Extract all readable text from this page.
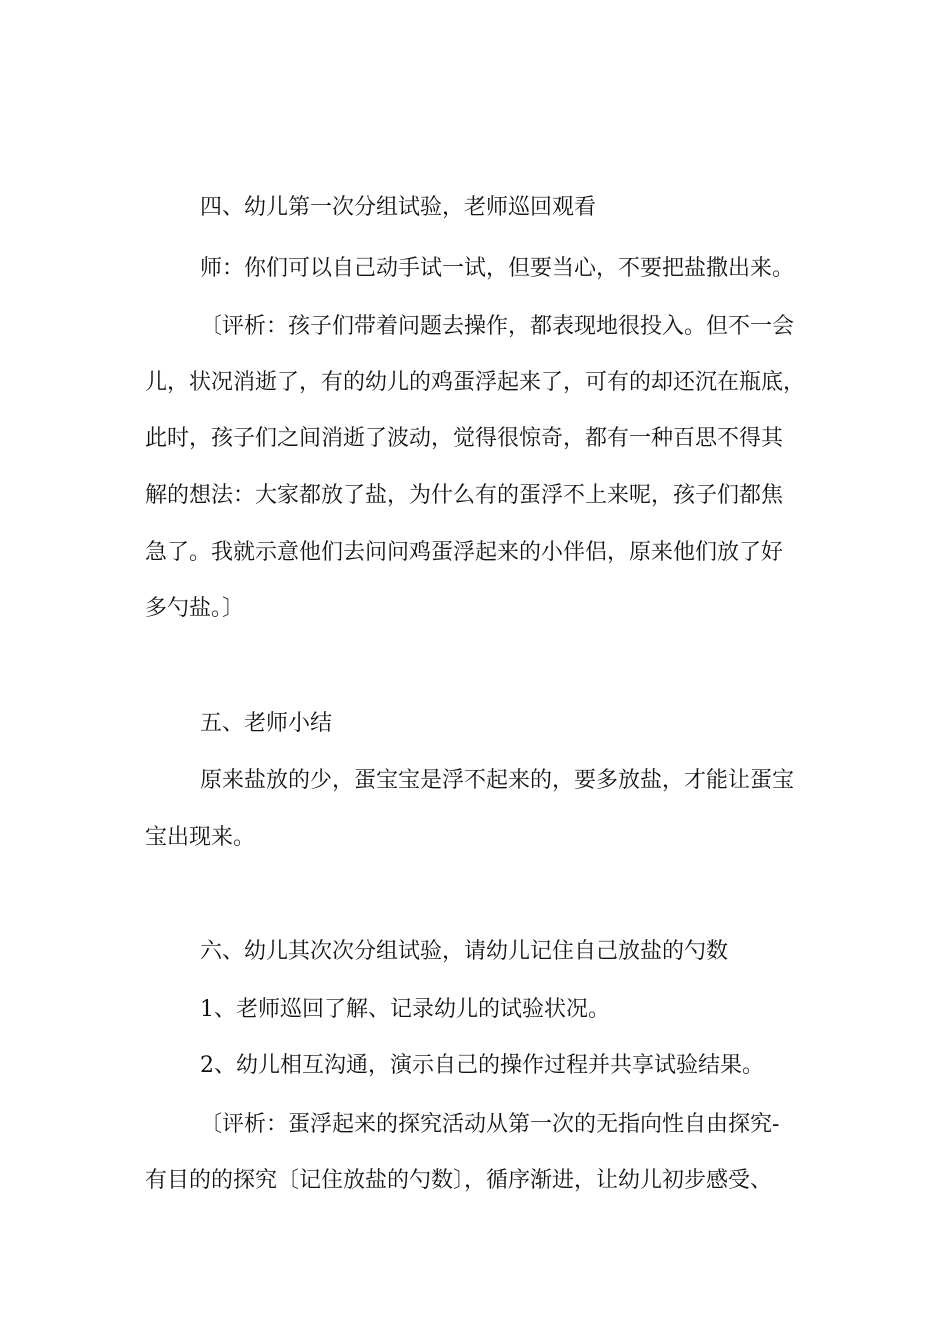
四、幼儿第一次分组试验，老师巡回观看
师：你们可以自己动手试一试，但要当心，不要把盐撒出来。
〔评析：孩子们带着问题去操作，都表现地很投入。但不一会
儿，状况消逝了，有的幼儿的鸡蛋浮起来了，可有的却还沉在瓶底，
此时，孩子们之间消逝了波动，觉得很惊奇，都有一种百思不得其
解的想法：大家都放了盐，为什么有的蛋浮不上来呢，孩子们都焦
急了。我就示意他们去问问鸡蛋浮起来的小伴侣，原来他们放了好
多勺盐。〕
五、老师小结
原来盐放的少，蛋宝宝是浮不起来的，要多放盐，才能让蛋宝
宝出现来。
六、幼儿其次次分组试验，请幼儿记住自己放盐的勺数
1、老师巡回了解、记录幼儿的试验状况。
2、幼儿相互沟通，演示自己的操作过程并共享试验结果。
〔评析：蛋浮起来的探究活动从第一次的无指向性自由探究-
有目的的探究〔记住放盐的勺数〕，循序渐进，让幼儿初步感受、
